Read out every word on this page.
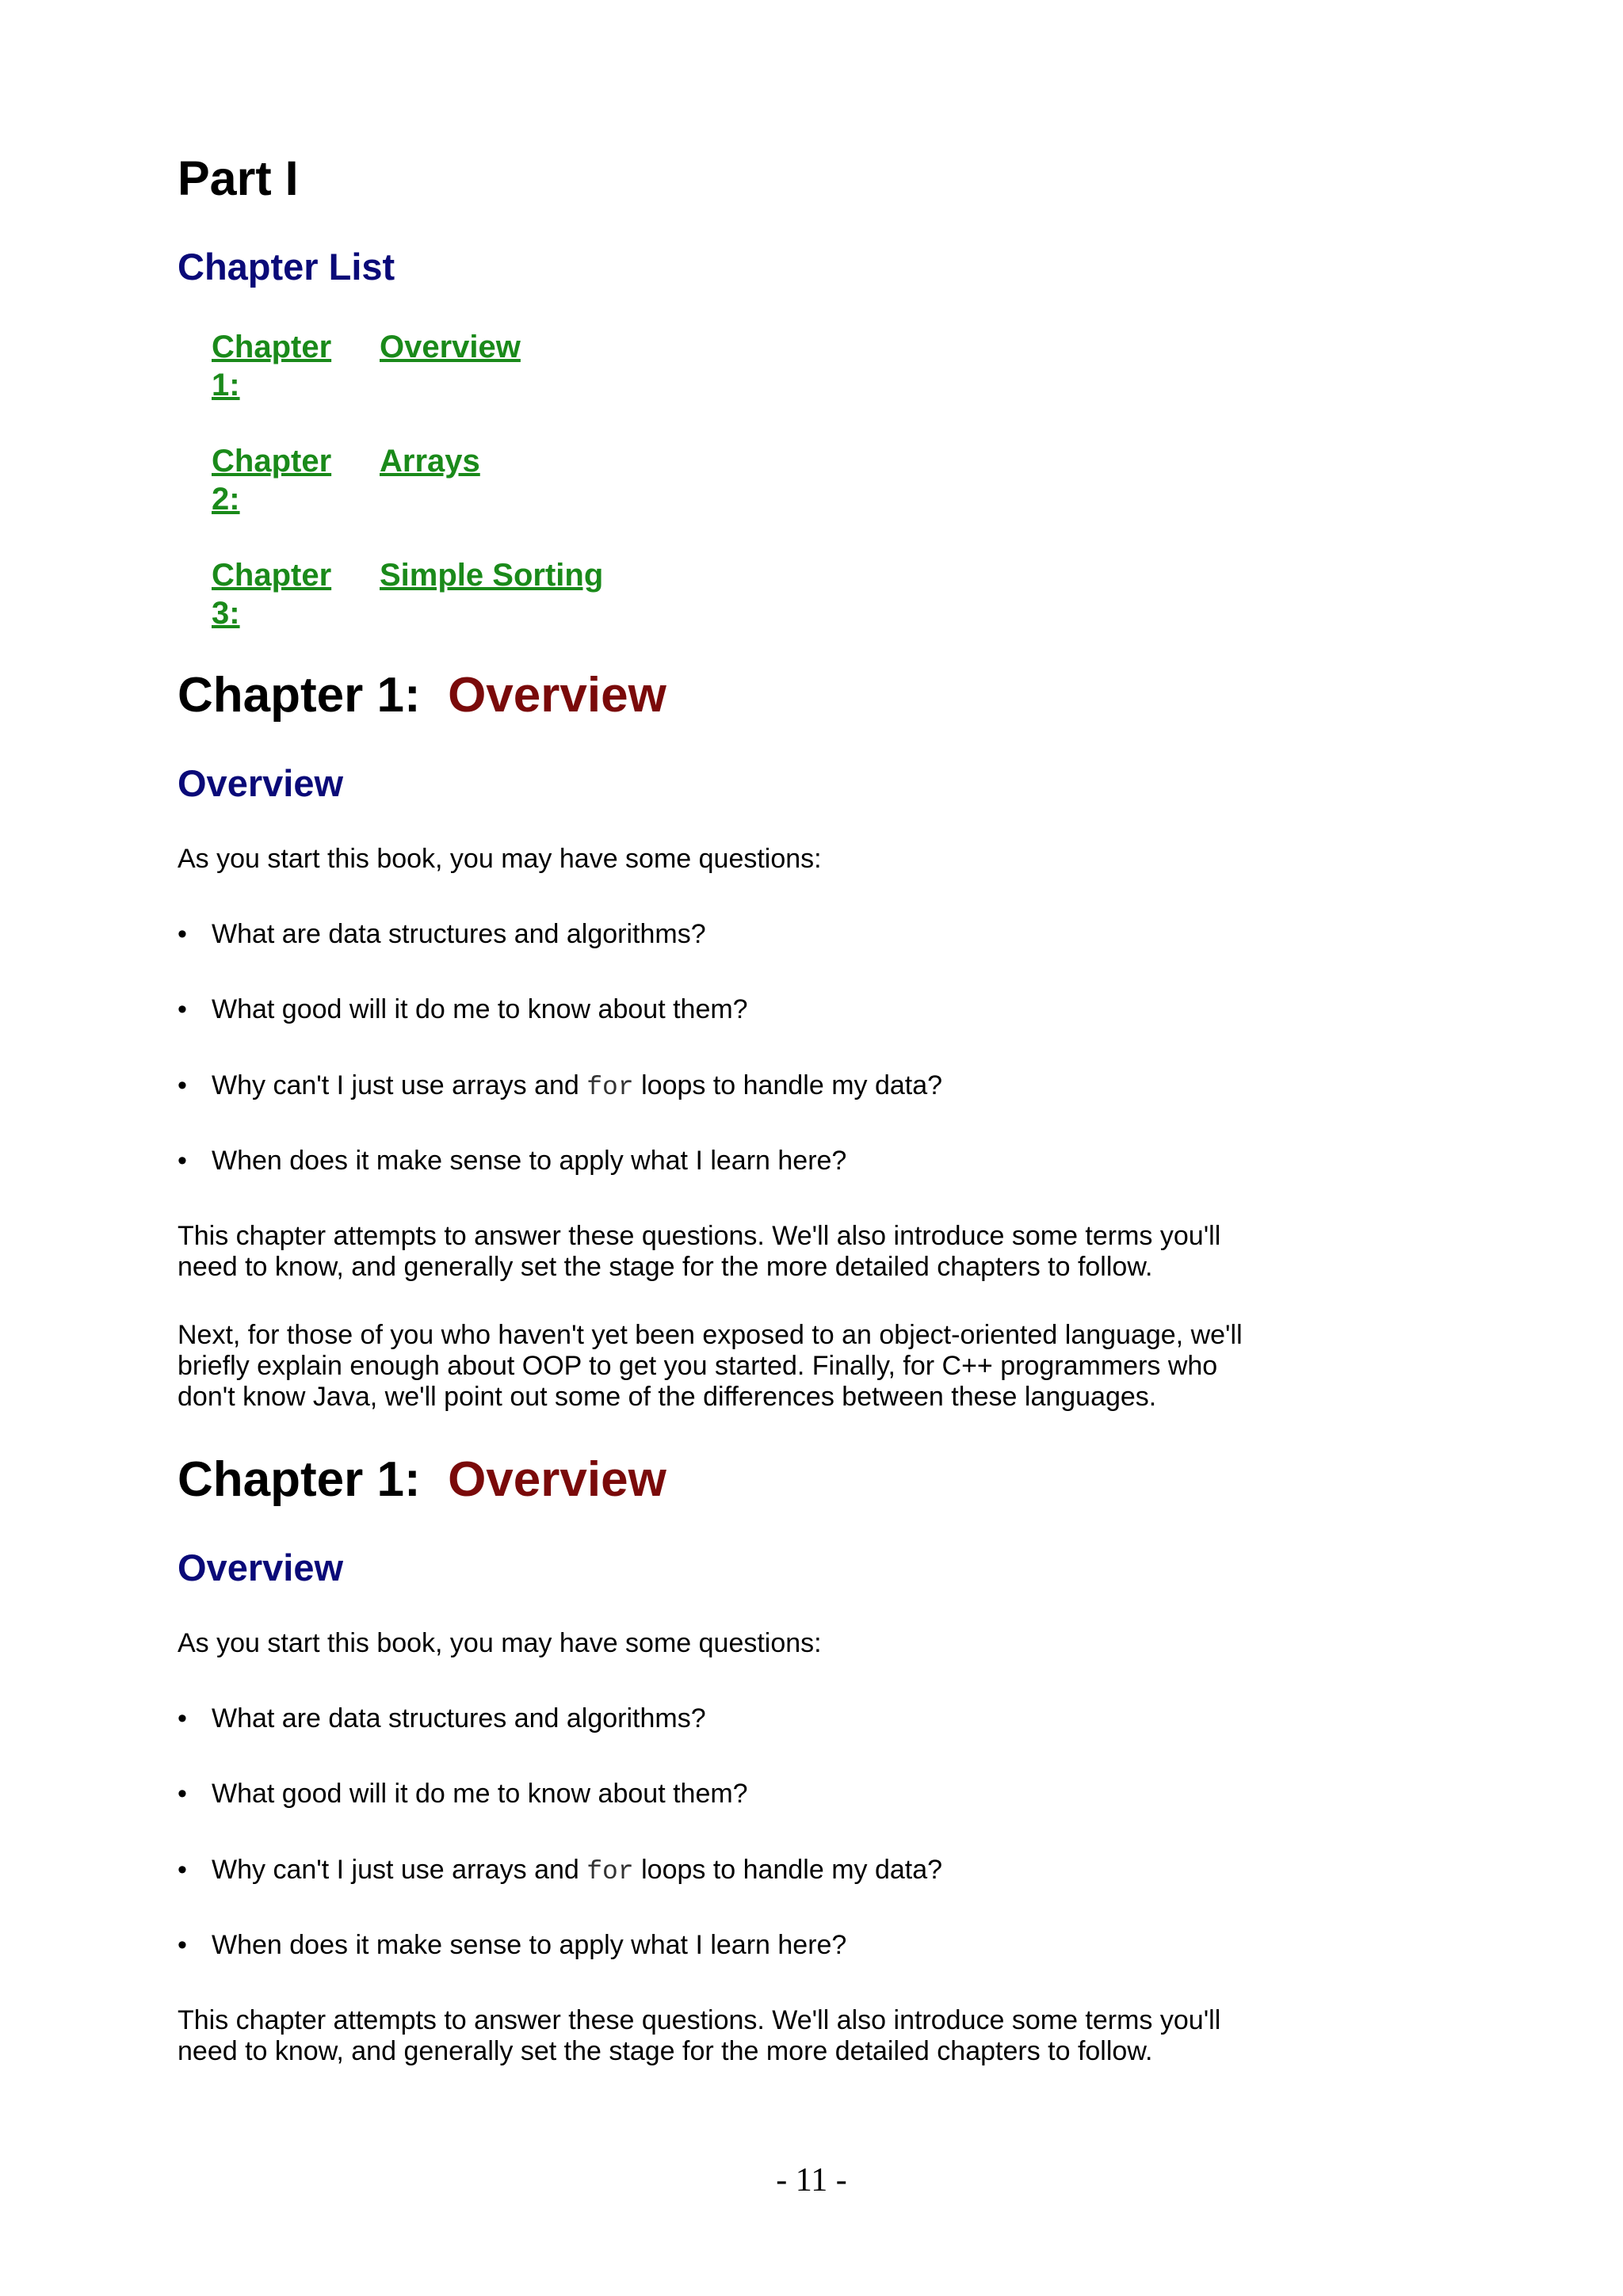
Part I
Chapter List
Chapter
1:
Overview
Chapter
2:
Arrays
Chapter
3:
Simple Sorting
Chapter 1: Overview
Overview

As you start this book, you may have some questions:

• What are data structures and algorithms?

• What good will it do me to know about them?

• Why can't I just use arrays and for loops to handle my data?

• When does it make sense to apply what I learn here?

This chapter attempts to answer these questions. We'll also introduce some terms you'll need to know, and generally set the stage for the more detailed chapters to follow.

Next, for those of you who haven't yet been exposed to an object-oriented language, we'll briefly explain enough about OOP to get you started. Finally, for C++ programmers who don't know Java, we'll point out some of the differences between these languages.

Chapter 1: Overview
Overview

As you start this book, you may have some questions:

• What are data structures and algorithms?

• What good will it do me to know about them?

• Why can't I just use arrays and for loops to handle my data?

• When does it make sense to apply what I learn here?

This chapter attempts to answer these questions. We'll also introduce some terms you'll need to know, and generally set the stage for the more detailed chapters to follow.

- 11 -
